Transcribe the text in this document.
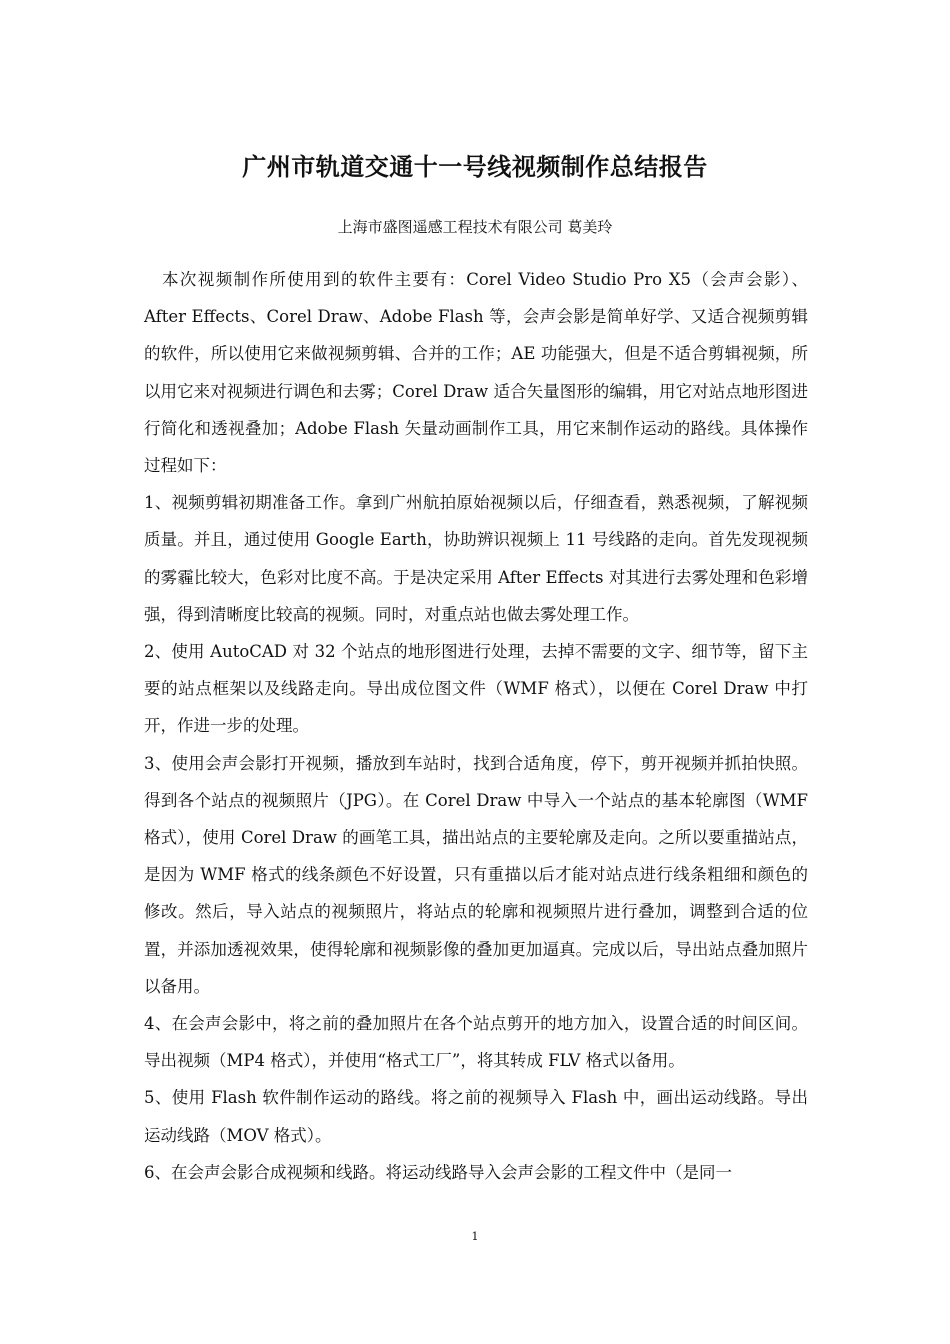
广州市轨道交通十一号线视频制作总结报告

上海市盛图遥感工程技术有限公司 葛美玲

本次视频制作所使用到的软件主要有：Corel Video Studio Pro X5（会声会影）、After Effects、Corel Draw、Adobe Flash 等，会声会影是简单好学、又适合视频剪辑的软件，所以使用它来做视频剪辑、合并的工作；AE 功能强大，但是不适合剪辑视频，所以用它来对视频进行调色和去雾；Corel Draw 适合矢量图形的编辑，用它对站点地形图进行简化和透视叠加；Adobe Flash 矢量动画制作工具，用它来制作运动的路线。具体操作过程如下：

1、视频剪辑初期准备工作。拿到广州航拍原始视频以后，仔细查看，熟悉视频，了解视频质量。并且，通过使用 Google Earth，协助辨识视频上 11 号线路的走向。首先发现视频的雾霾比较大，色彩对比度不高。于是决定采用 After Effects 对其进行去雾处理和色彩增强，得到清晰度比较高的视频。同时，对重点站也做去雾处理工作。

2、使用 AutoCAD 对 32 个站点的地形图进行处理，去掉不需要的文字、细节等，留下主要的站点框架以及线路走向。导出成位图文件（WMF 格式），以便在 Corel Draw 中打开，作进一步的处理。

3、使用会声会影打开视频，播放到车站时，找到合适角度，停下，剪开视频并抓拍快照。得到各个站点的视频照片（JPG）。在 Corel Draw 中导入一个站点的基本轮廓图（WMF 格式），使用 Corel Draw 的画笔工具，描出站点的主要轮廓及走向。之所以要重描站点，是因为 WMF 格式的线条颜色不好设置，只有重描以后才能对站点进行线条粗细和颜色的修改。然后，导入站点的视频照片，将站点的轮廓和视频照片进行叠加，调整到合适的位置，并添加透视效果，使得轮廓和视频影像的叠加更加逼真。完成以后，导出站点叠加照片以备用。

4、在会声会影中，将之前的叠加照片在各个站点剪开的地方加入，设置合适的时间区间。导出视频（MP4 格式），并使用“格式工厂”，将其转成 FLV 格式以备用。

5、使用 Flash 软件制作运动的路线。将之前的视频导入 Flash 中，画出运动线路。导出运动线路（MOV 格式）。

6、在会声会影合成视频和线路。将运动线路导入会声会影的工程文件中（是同一

1
